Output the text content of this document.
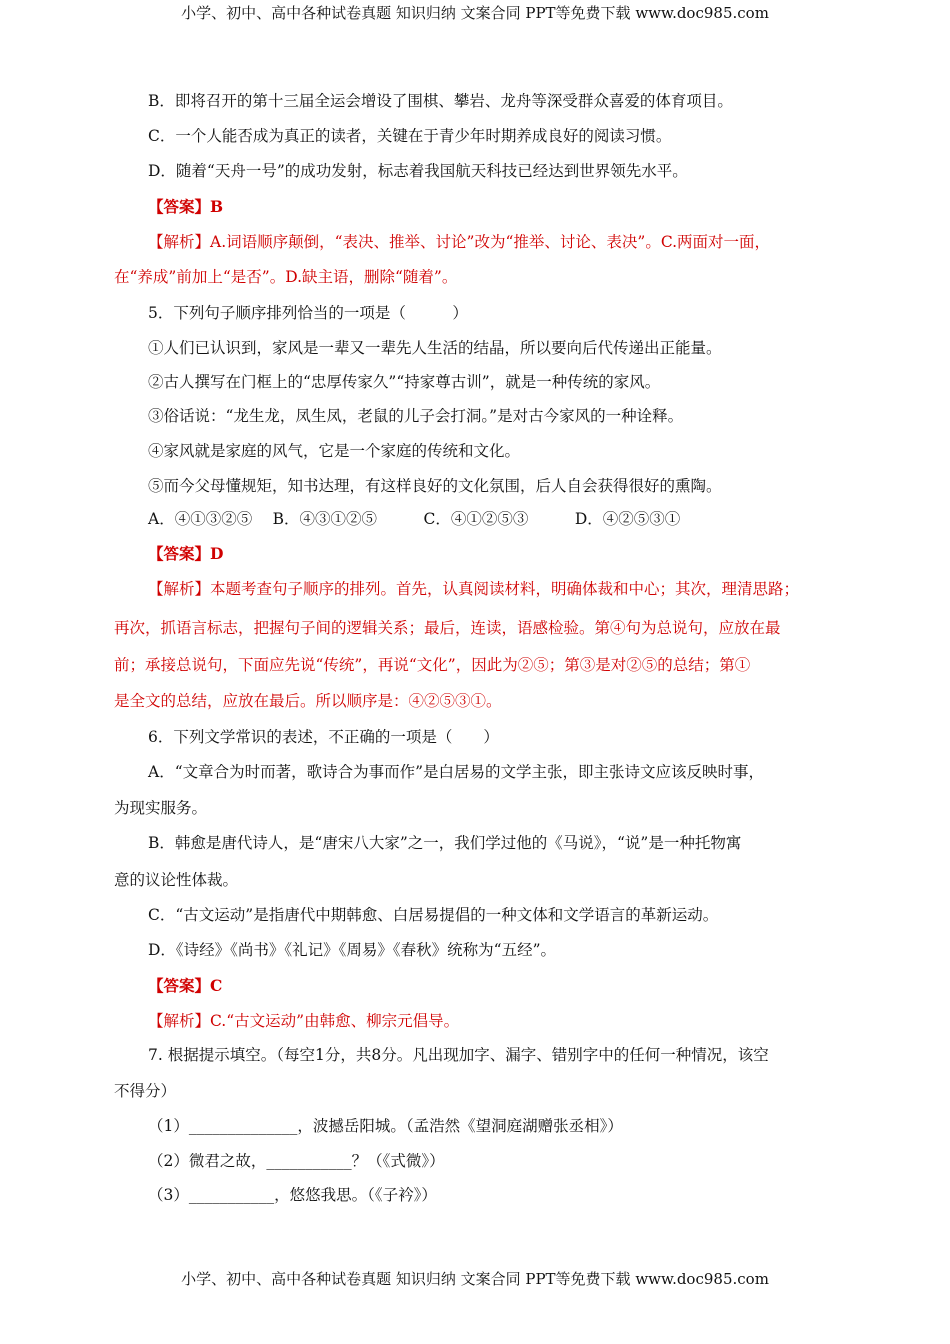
小学、初中、高中各种试卷真题 知识归纳 文案合同 PPT等免费下载 www.doc985.com
B．即将召开的第十三届全运会增设了围棋、攀岩、龙舟等深受群众喜爱的体育项目。
C．一个人能否成为真正的读者，关键在于青少年时期养成良好的阅读习惯。
D．随着“天舟一号”的成功发射，标志着我国航天科技已经达到世界领先水平。
【答案】B
【解析】A.词语顺序颠倒，“表决、推举、讨论”改为“推举、讨论、表决”。C.两面对一面，
在“养成”前加上“是否”。D.缺主语，删除“随着”。
5．下列句子顺序排列恰当的一项是（　　　）
①人们已认识到，家风是一辈又一辈先人生活的结晶，所以要向后代传递出正能量。
②古人撰写在门框上的“忠厚传家久”“持家尊古训”，就是一种传统的家风。
③俗话说：“龙生龙，凤生凤，老鼠的儿子会打洞。”是对古今家风的一种诠释。
④家风就是家庭的风气，它是一个家庭的传统和文化。
⑤而今父母懂规矩，知书达理，有这样良好的文化氛围，后人自会获得很好的熏陶。
A．④①③②⑤　 B．④③①②⑤　　　C．④①②⑤③　　　D．④②⑤③①
【答案】D
【解析】本题考查句子顺序的排列。首先，认真阅读材料，明确体裁和中心；其次，理清思路；
再次，抓语言标志，把握句子间的逻辑关系；最后，连读，语感检验。第④句为总说句，应放在最
前；承接总说句，下面应先说“传统”，再说“文化”，因此为②⑤；第③是对②⑤的总结；第①
是全文的总结，应放在最后。所以顺序是：④②⑤③①。
6．下列文学常识的表述，不正确的一项是（　　）
A．“文章合为时而著，歌诗合为事而作”是白居易的文学主张，即主张诗文应该反映时事，
为现实服务。
B．韩愈是唐代诗人，是“唐宋八大家”之一，我们学过他的《马说》，“说”是一种托物寓
意的议论性体裁。
C．“古文运动”是指唐代中期韩愈、白居易提倡的一种文体和文学语言的革新运动。
D．《诗经》《尚书》《礼记》《周易》《春秋》统称为“五经”。
【答案】C
【解析】C.“古文运动”由韩愈、柳宗元倡导。
7. 根据提示填空。（每空1分，共8分。凡出现加字、漏字、错别字中的任何一种情况，该空
不得分）
（1）______________，波撼岳阳城。（孟浩然《望洞庭湖赠张丞相》）
（2）微君之故，___________？（《式微》）
（3）___________，悠悠我思。（《子衿》）
小学、初中、高中各种试卷真题 知识归纳 文案合同 PPT等免费下载 www.doc985.com
